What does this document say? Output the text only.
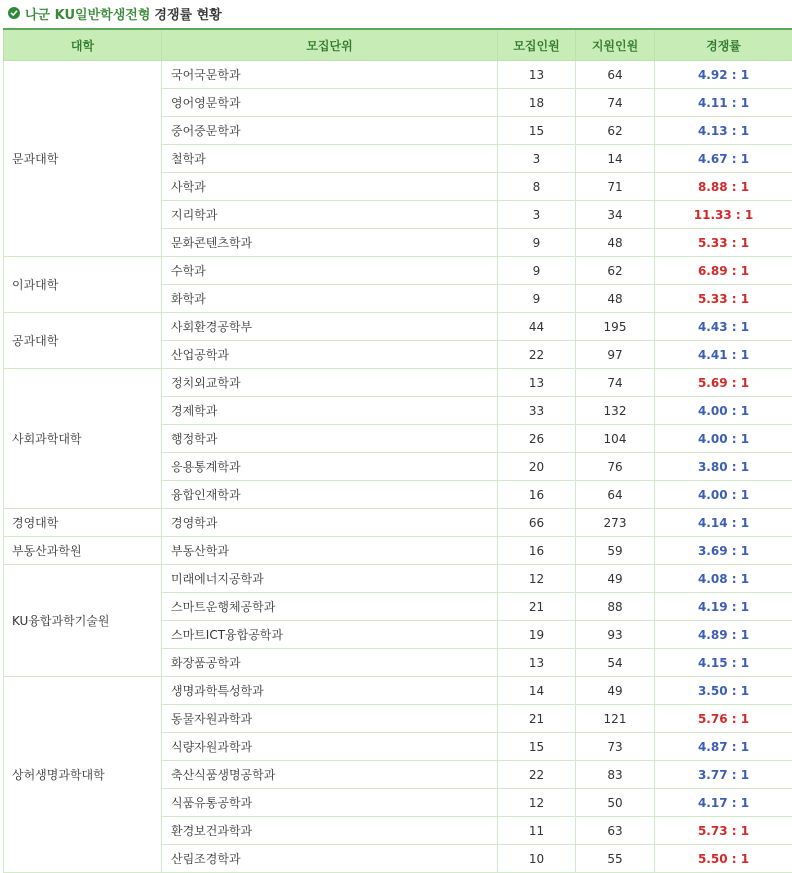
나군 KU일반학생전형 경쟁률 현황
대학	모집단위	모집인원	지원인원	경쟁률
문과대학	국어국문학과	13	64	4.92 : 1
	영어영문학과	18	74	4.11 : 1
	중어중문학과	15	62	4.13 : 1
	철학과	3	14	4.67 : 1
	사학과	8	71	8.88 : 1
	지리학과	3	34	11.33 : 1
	문화콘텐츠학과	9	48	5.33 : 1
이과대학	수학과	9	62	6.89 : 1
	화학과	9	48	5.33 : 1
공과대학	사회환경공학부	44	195	4.43 : 1
	산업공학과	22	97	4.41 : 1
사회과학대학	정치외교학과	13	74	5.69 : 1
	경제학과	33	132	4.00 : 1
	행정학과	26	104	4.00 : 1
	응용통계학과	20	76	3.80 : 1
	융합인재학과	16	64	4.00 : 1
경영대학	경영학과	66	273	4.14 : 1
부동산과학원	부동산학과	16	59	3.69 : 1
KU융합과학기술원	미래에너지공학과	12	49	4.08 : 1
	스마트운행체공학과	21	88	4.19 : 1
	스마트ICT융합공학과	19	93	4.89 : 1
	화장품공학과	13	54	4.15 : 1
상허생명과학대학	생명과학특성학과	14	49	3.50 : 1
	동물자원과학과	21	121	5.76 : 1
	식량자원과학과	15	73	4.87 : 1
	축산식품생명공학과	22	83	3.77 : 1
	식품유통공학과	12	50	4.17 : 1
	환경보건과학과	11	63	5.73 : 1
	산림조경학과	10	55	5.50 : 1
